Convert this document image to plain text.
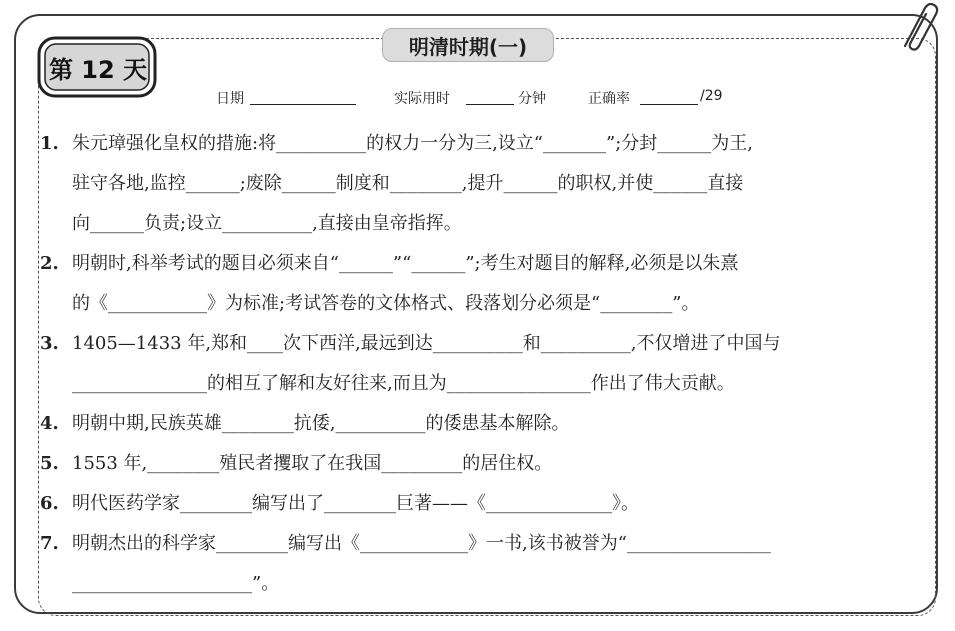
明清时期(一)
第 12 天
日期	实际用时	分钟	正确率	/29
1. 朱元璋强化皇权的措施:将__________的权力一分为三,设立“_______”;分封______为王,
驻守各地,监控______;废除______制度和________,提升______的职权,并使______直接
向______负责;设立__________,直接由皇帝指挥。
2. 明朝时,科举考试的题目必须来自“______”“______”;考生对题目的解释,必须是以朱熹
的《___________》为标准;考试答卷的文体格式、段落划分必须是“________”。
3. 1405—1433 年,郑和____次下西洋,最远到达__________和__________,不仅增进了中国与
_______________的相互了解和友好往来,而且为________________作出了伟大贡献。
4. 明朝中期,民族英雄________抗倭,__________的倭患基本解除。
5. 1553 年,________殖民者攫取了在我国_________的居住权。
6. 明代医药学家________编写出了________巨著——《______________》。
7. 明朝杰出的科学家________编写出《____________》一书,该书被誉为“________________
____________________”。
